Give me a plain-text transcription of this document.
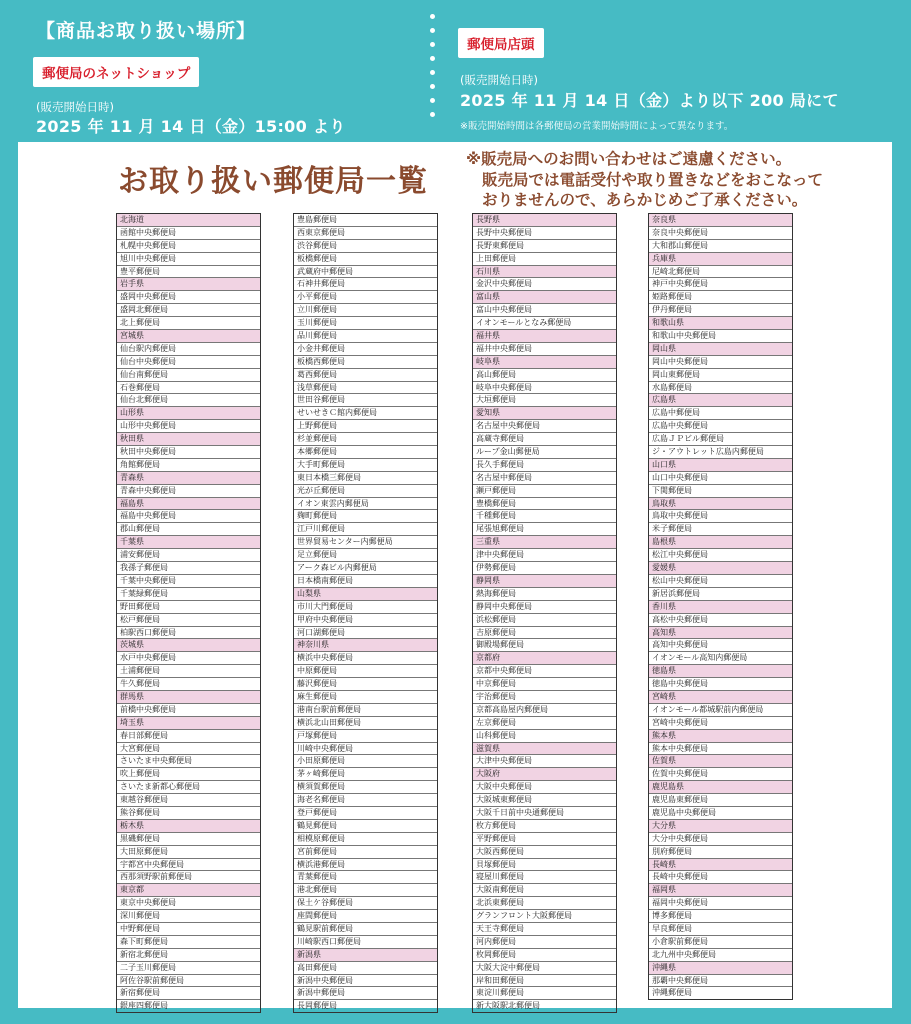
【商品お取り扱い場所】
郵便局のネットショップ
(販売開始日時)
2025 年 11 月 14 日（金）15:00 より
郵便局店頭
(販売開始日時)
2025 年 11 月 14 日（金）より以下 200 局にて
※販売開始時間は各郵便局の営業開始時間によって異なります。
お取り扱い郵便局一覧
※販売局へのお問い合わせはご遠慮ください。
販売局では電話受付や取り置きなどをおこなって
おりませんので、あらかじめご了承ください。
北海道
函館中央郵便局
札幌中央郵便局
旭川中央郵便局
豊平郵便局
岩手県
盛岡中央郵便局
盛岡北郵便局
北上郵便局
宮城県
仙台駅内郵便局
仙台中央郵便局
仙台南郵便局
石巻郵便局
仙台北郵便局
山形県
山形中央郵便局
秋田県
秋田中央郵便局
角館郵便局
青森県
青森中央郵便局
福島県
福島中央郵便局
郡山郵便局
千葉県
浦安郵便局
我孫子郵便局
千葉中央郵便局
千葉緑郵便局
野田郵便局
松戸郵便局
柏駅西口郵便局
茨城県
水戸中央郵便局
土浦郵便局
牛久郵便局
群馬県
前橋中央郵便局
埼玉県
春日部郵便局
大宮郵便局
さいたま中央郵便局
吹上郵便局
さいたま新都心郵便局
東越谷郵便局
熊谷郵便局
栃木県
黒磯郵便局
大田原郵便局
宇都宮中央郵便局
西那須野駅前郵便局
東京都
東京中央郵便局
深川郵便局
中野郵便局
森下町郵便局
新宿北郵便局
二子玉川郵便局
阿佐谷駅前郵便局
新宿郵便局
銀座四郵便局
豊島郵便局
西東京郵便局
渋谷郵便局
板橋郵便局
武蔵府中郵便局
石神井郵便局
小平郵便局
立川郵便局
玉川郵便局
品川郵便局
小金井郵便局
板橋西郵便局
葛西郵便局
浅草郵便局
世田谷郵便局
せいせきＣ館内郵便局
上野郵便局
杉並郵便局
本郷郵便局
大手町郵便局
東日本橋三郵便局
光が丘郵便局
イオン東雲内郵便局
麹町郵便局
江戸川郵便局
世界貿易センター内郵便局
足立郵便局
アーク森ビル内郵便局
日本橋南郵便局
山梨県
市川大門郵便局
甲府中央郵便局
河口湖郵便局
神奈川県
横浜中央郵便局
中原郵便局
藤沢郵便局
麻生郵便局
港南台駅前郵便局
横浜北山田郵便局
戸塚郵便局
川崎中央郵便局
小田原郵便局
茅ヶ崎郵便局
横須賀郵便局
海老名郵便局
登戸郵便局
鶴見郵便局
相模原郵便局
宮前郵便局
横浜港郵便局
青葉郵便局
港北郵便局
保土ケ谷郵便局
座間郵便局
鶴見駅前郵便局
川崎駅西口郵便局
新潟県
高田郵便局
新潟中央郵便局
新潟中郵便局
長岡郵便局
長野県
長野中央郵便局
長野東郵便局
上田郵便局
石川県
金沢中央郵便局
富山県
富山中央郵便局
イオンモールとなみ郵便局
福井県
福井中央郵便局
岐阜県
高山郵便局
岐阜中央郵便局
大垣郵便局
愛知県
名古屋中央郵便局
高蔵寺郵便局
ループ金山郵便局
長久手郵便局
名古屋中郵便局
瀬戸郵便局
豊橋郵便局
千種郵便局
尾張旭郵便局
三重県
津中央郵便局
伊勢郵便局
静岡県
熱海郵便局
静岡中央郵便局
浜松郵便局
吉原郵便局
御殿場郵便局
京都府
京都中央郵便局
中京郵便局
宇治郵便局
京都高島屋内郵便局
左京郵便局
山科郵便局
滋賀県
大津中央郵便局
大阪府
大阪中央郵便局
大阪城東郵便局
大阪千日前中央通郵便局
枚方郵便局
平野郵便局
大阪西郵便局
貝塚郵便局
寝屋川郵便局
大阪南郵便局
北浜東郵便局
グランフロント大阪郵便局
天王寺郵便局
河内郵便局
枚岡郵便局
大阪大淀中郵便局
岸和田郵便局
東淀川郵便局
新大阪駅北郵便局
奈良県
奈良中央郵便局
大和郡山郵便局
兵庫県
尼崎北郵便局
神戸中央郵便局
姫路郵便局
伊丹郵便局
和歌山県
和歌山中央郵便局
岡山県
岡山中央郵便局
岡山東郵便局
水島郵便局
広島県
広島中郵便局
広島中央郵便局
広島ＪＰビル郵便局
ジ・アウトレット広島内郵便局
山口県
山口中央郵便局
下関郵便局
鳥取県
鳥取中央郵便局
米子郵便局
島根県
松江中央郵便局
愛媛県
松山中央郵便局
新居浜郵便局
香川県
高松中央郵便局
高知県
高知中央郵便局
イオンモール高知内郵便局
徳島県
徳島中央郵便局
宮崎県
イオンモール都城駅前内郵便局
宮崎中央郵便局
熊本県
熊本中央郵便局
佐賀県
佐賀中央郵便局
鹿児島県
鹿児島東郵便局
鹿児島中央郵便局
大分県
大分中央郵便局
別府郵便局
長崎県
長崎中央郵便局
福岡県
福岡中央郵便局
博多郵便局
早良郵便局
小倉駅前郵便局
北九州中央郵便局
沖縄県
那覇中央郵便局
沖縄郵便局
